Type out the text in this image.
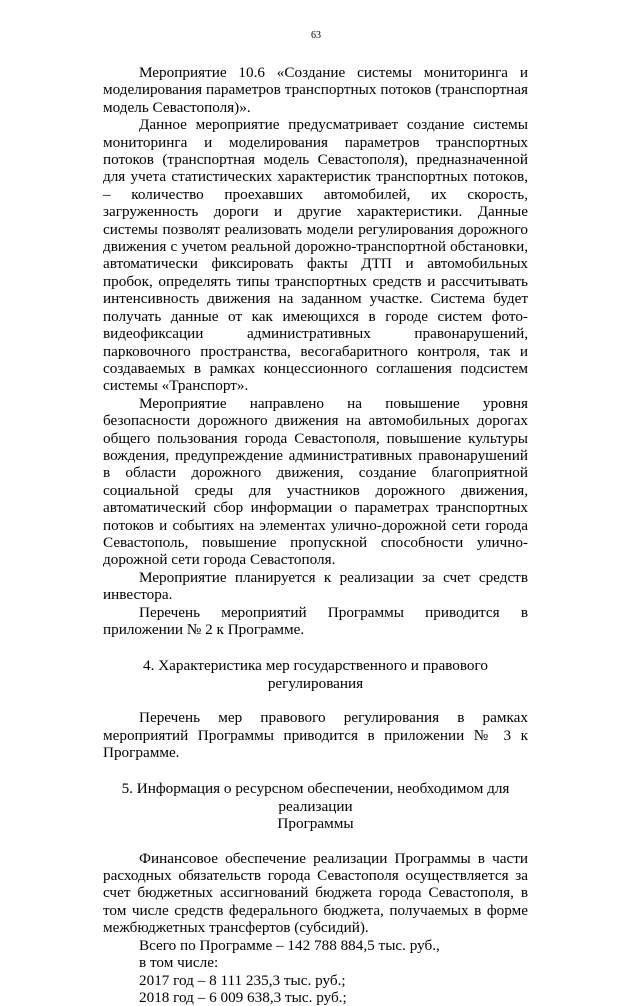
63

Мероприятие 10.6 «Создание системы мониторинга и моделирования параметров транспортных потоков (транспортная модель Севастополя)».

Данное мероприятие предусматривает создание системы мониторинга и моделирования параметров транспортных потоков (транспортная модель Севастополя), предназначенной для учета статистических характеристик транспортных потоков, – количество проехавших автомобилей, их скорость, загруженность дороги и другие характеристики. Данные системы позволят реализовать модели регулирования дорожного движения с учетом реальной дорожно-транспортной обстановки, автоматически фиксировать факты ДТП и автомобильных пробок, определять типы транспортных средств и рассчитывать интенсивность движения на заданном участке. Система будет получать данные от как имеющихся в городе систем фото-видеофиксации административных правонарушений, парковочного пространства, весогабаритного контроля, так и создаваемых в рамках концессионного соглашения подсистем системы «Транспорт».

Мероприятие направлено на повышение уровня безопасности дорожного движения на автомобильных дорогах общего пользования города Севастополя, повышение культуры вождения, предупреждение административных правонарушений в области дорожного движения, создание благоприятной социальной среды для участников дорожного движения, автоматический сбор информации о параметрах транспортных потоков и событиях на элементах улично-дорожной сети города Севастополь, повышение пропускной способности улично-дорожной сети города Севастополя.

Мероприятие планируется к реализации за счет средств инвестора.

Перечень мероприятий Программы приводится в приложении № 2 к Программе.

4. Характеристика мер государственного и правового регулирования

Перечень мер правового регулирования в рамках мероприятий Программы приводится в приложении № 3 к Программе.

5. Информация о ресурсном обеспечении, необходимом для реализации

Программы

Финансовое обеспечение реализации Программы в части расходных обязательств города Севастополя осуществляется за счет бюджетных ассигнований бюджета города Севастополя, в том числе средств федерального бюджета, получаемых в форме межбюджетных трансфертов (субсидий).

Всего по Программе – 142 788 884,5 тыс. руб.,

в том числе:

2017 год – 8 111 235,3 тыс. руб.;

2018 год – 6 009 638,3 тыс. руб.;
